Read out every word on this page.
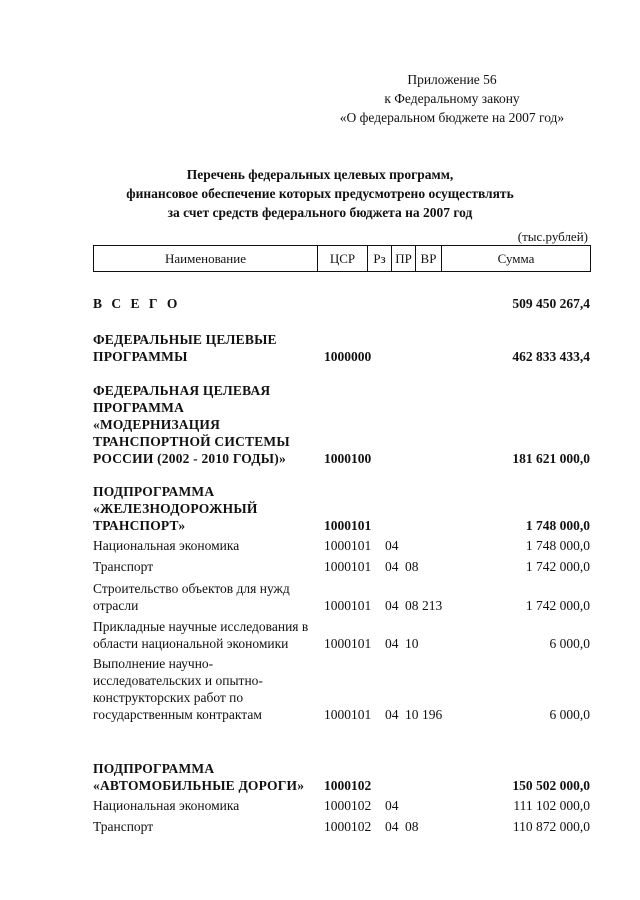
Приложение 56
к Федеральному закону
«О федеральном бюджете на 2007 год»
Перечень федеральных целевых программ,
финансовое обеспечение которых предусмотрено осуществлять
за счет средств федерального бюджета на 2007 год
(тыс.рублей)
Наименование	ЦСР	Рз ПР ВР	Сумма
В С Е Г О	509 450 267,4
ФЕДЕРАЛЬНЫЕ ЦЕЛЕВЫЕ
ПРОГРАММЫ	1000000	462 833 433,4
ФЕДЕРАЛЬНАЯ ЦЕЛЕВАЯ
ПРОГРАММА
«МОДЕРНИЗАЦИЯ
ТРАНСПОРТНОЙ СИСТЕМЫ
РОССИИ (2002 - 2010 ГОДЫ)»	1000100	181 621 000,0
ПОДПРОГРАММА
«ЖЕЛЕЗНОДОРОЖНЫЙ
ТРАНСПОРТ»	1000101	1 748 000,0
Национальная экономика	1000101 04	1 748 000,0
Транспорт	1000101 04 08	1 742 000,0
Строительство объектов для нужд
отрасли	1000101 04 08 213	1 742 000,0
Прикладные научные исследования в
области национальной экономики	1000101 04 10	6 000,0
Выполнение научно-
исследовательских и опытно-
конструкторских работ по
государственным контрактам	1000101 04 10 196	6 000,0
ПОДПРОГРАММА
«АВТОМОБИЛЬНЫЕ ДОРОГИ»	1000102	150 502 000,0
Национальная экономика	1000102 04	111 102 000,0
Транспорт	1000102 04 08	110 872 000,0
